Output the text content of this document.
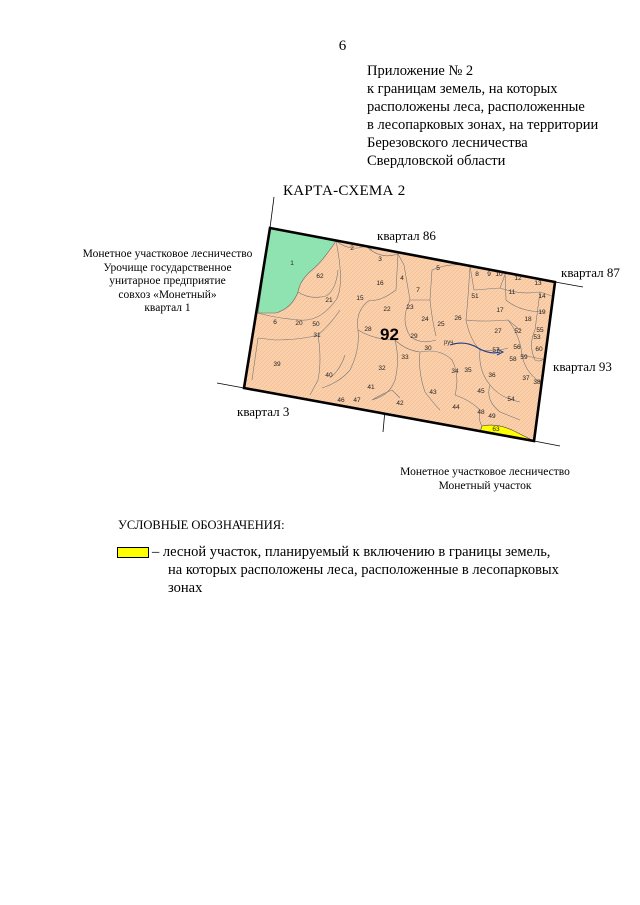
6
Приложение № 2
к границам земель, на которых
расположены леса, расположенные
в лесопарковых зонах, на территории
Березовского лесничества
Свердловской области
КАРТА-СХЕМА 2
92	руч.
1
2
3
4
5
6
7
8 9 10
11
12
13
14
15
16
17
18
19
20
21
22 23
24
25
26
27
28
29
30
31
32
33
34 35
36	37
38
39
40
41
42
43
44
45
46 47
48
49
50
51
52
53
54
55
56
57
58 59
60
62
63
квартал 86
квартал 87
квартал 93
квартал 3
Монетное участковое лесничество
Урочище государственное
унитарное предприятие
совхоз «Монетный»
квартал 1
Монетное участковое лесничество
Монетный участок
УСЛОВНЫЕ ОБОЗНАЧЕНИЯ:
– лесной участок, планируемый к включению в границы земель,
на которых расположены леса, расположенные в лесопарковых
зонах
